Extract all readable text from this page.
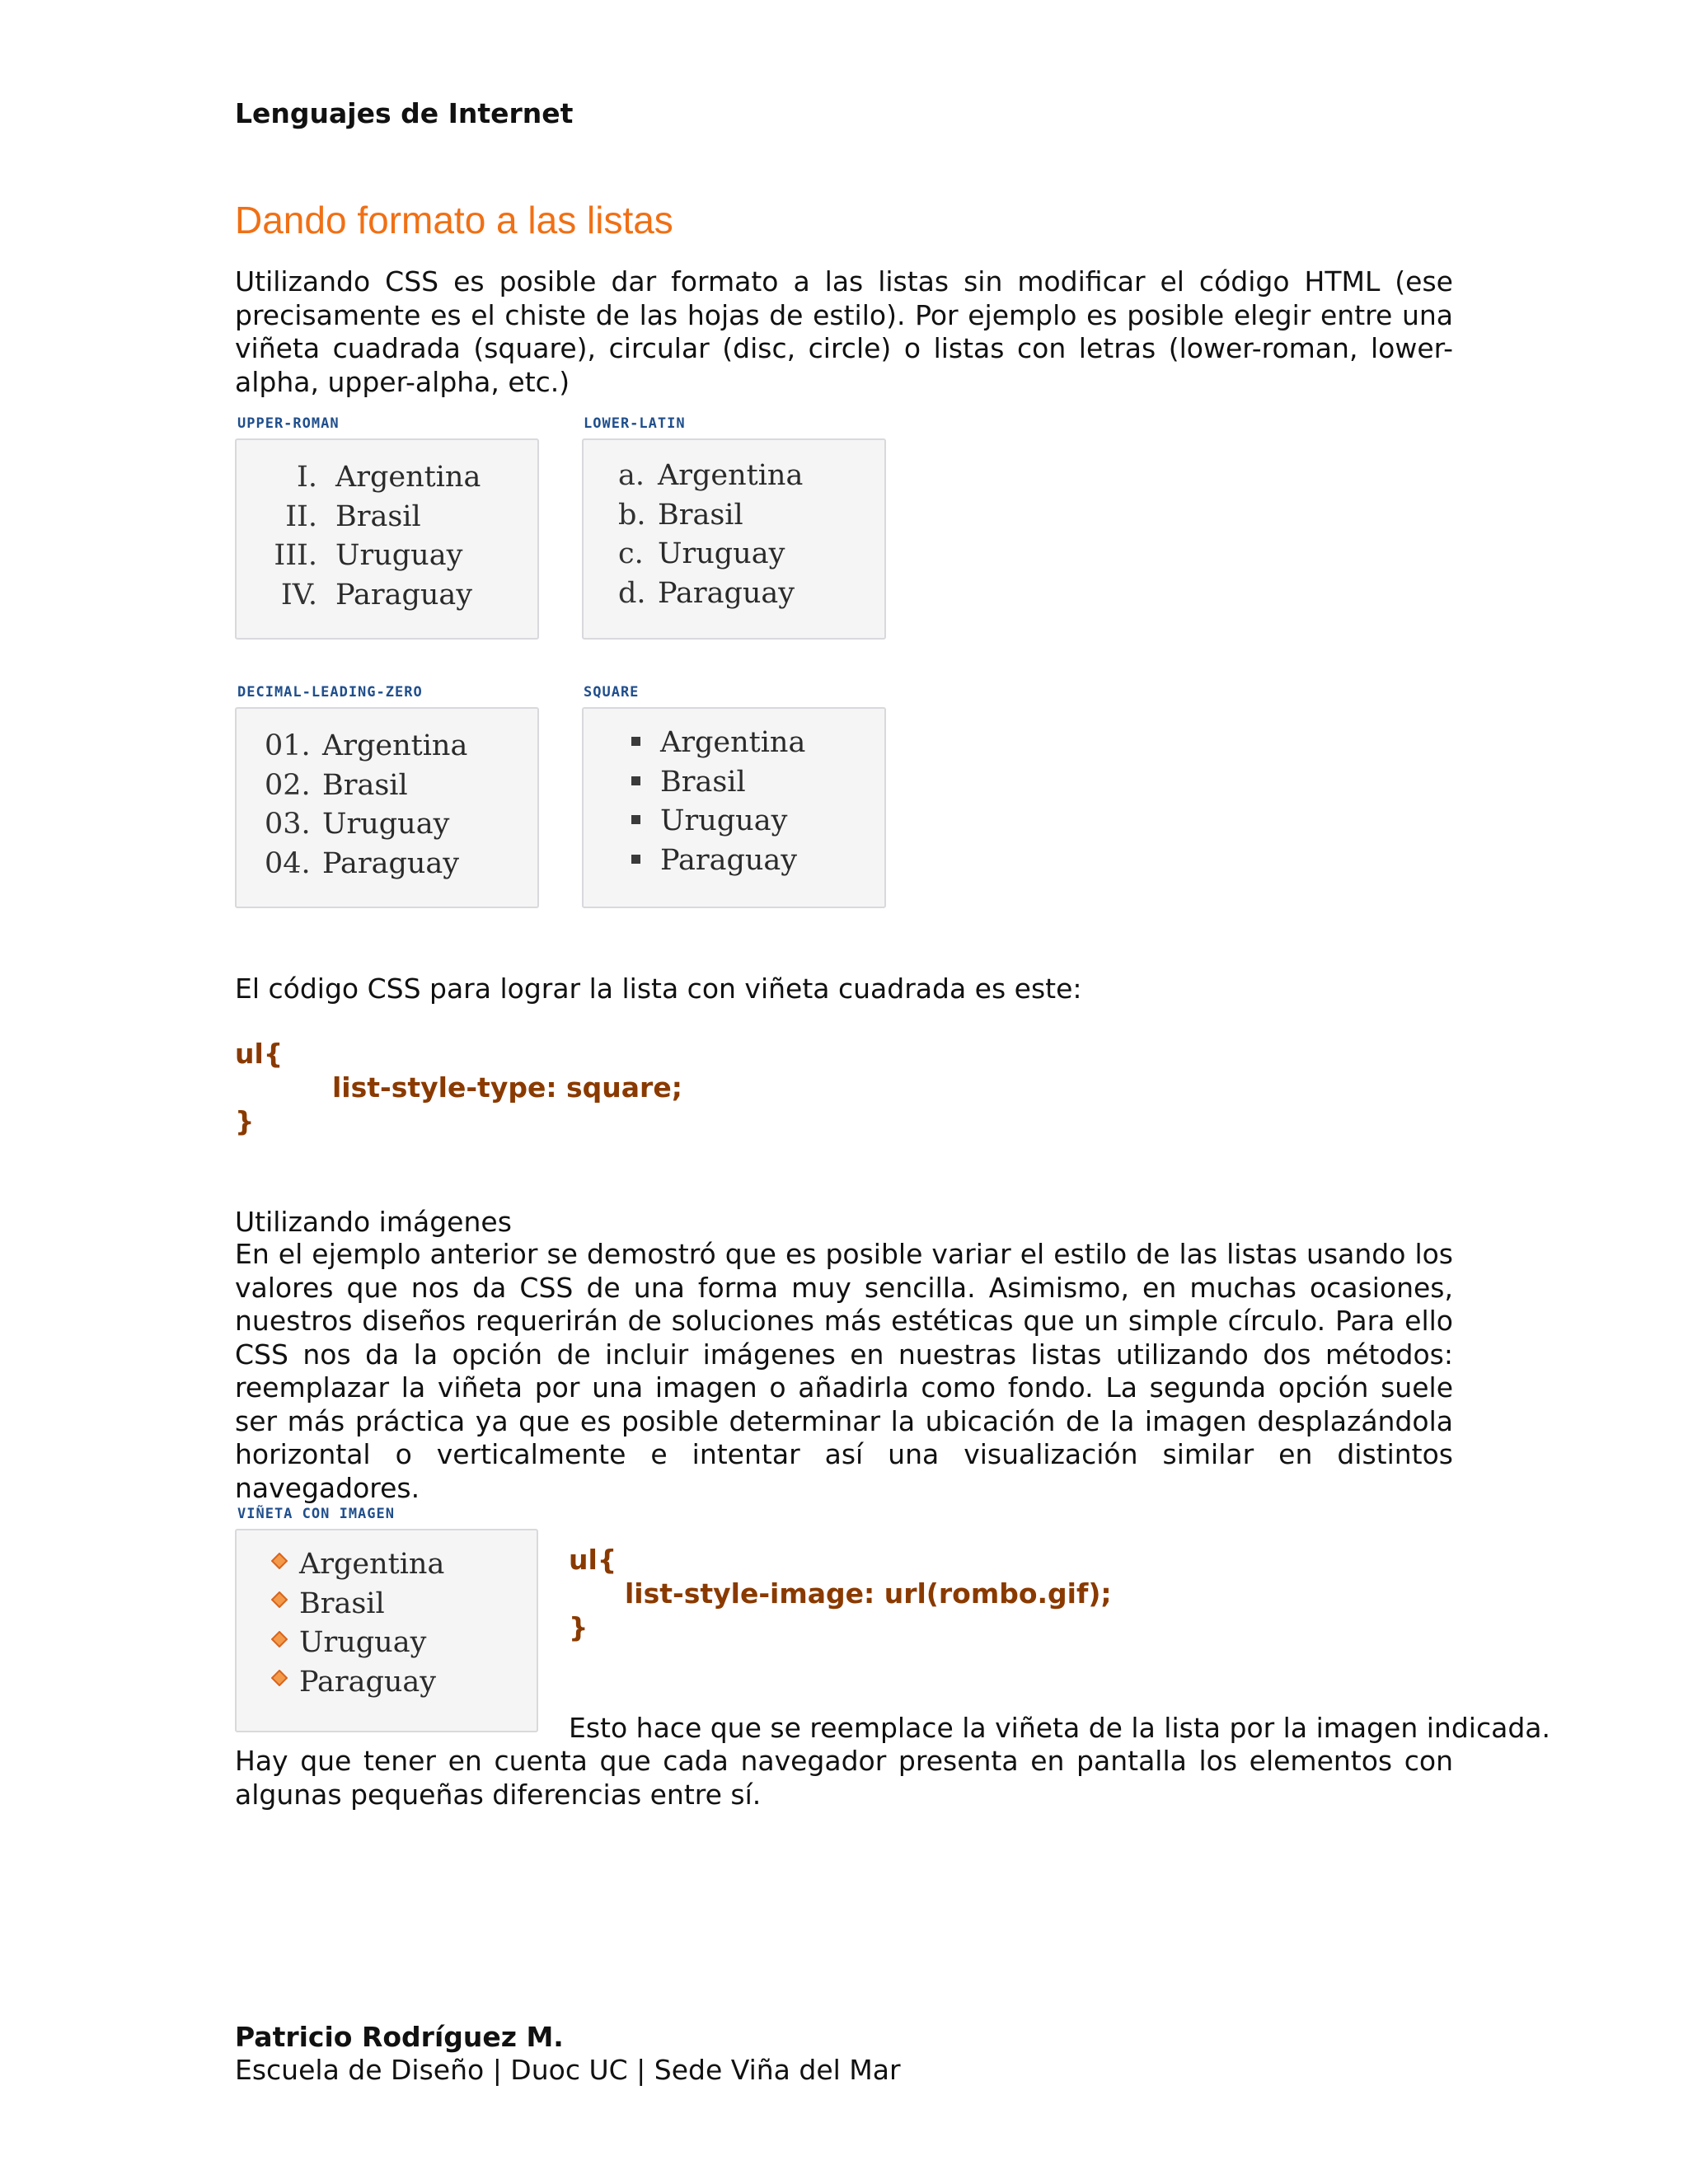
Lenguajes de Internet
Dando formato a las listas
Utilizando CSS es posible dar formato a las listas sin modificar el código HTML (ese precisamente es el chiste de las hojas de estilo). Por ejemplo es posible elegir entre una viñeta cuadrada (square), circular (disc, circle) o listas con letras (lower-roman, lower-alpha, upper-alpha, etc.)
UPPER-ROMAN
I. Argentina
II. Brasil
III. Uruguay
IV. Paraguay
LOWER-LATIN
a. Argentina
b. Brasil
c. Uruguay
d. Paraguay
DECIMAL-LEADING-ZERO
01. Argentina
02. Brasil
03. Uruguay
04. Paraguay
SQUARE
Argentina
Brasil
Uruguay
Paraguay
El código CSS para lograr la lista con viñeta cuadrada es este:
ul{
list-style-type: square;
}
Utilizando imágenes
En el ejemplo anterior se demostró que es posible variar el estilo de las listas usando los valores que nos da CSS de una forma muy sencilla. Asimismo, en muchas ocasiones, nuestros diseños requerirán de soluciones más estéticas que un simple círculo. Para ello CSS nos da la opción de incluir imágenes en nuestras listas utilizando dos métodos: reemplazar la viñeta por una imagen o añadirla como fondo. La segunda opción suele ser más práctica ya que es posible determinar la ubicación de la imagen desplazándola horizontal o verticalmente e intentar así una visualización similar en distintos navegadores.
VIÑETA CON IMAGEN
Argentina
Brasil
Uruguay
Paraguay
ul{
list-style-image: url(rombo.gif);
}
Esto hace que se reemplace la viñeta de la lista por la imagen indicada.
Hay que tener en cuenta que cada navegador presenta en pantalla los elementos con algunas pequeñas diferencias entre sí.
Patricio Rodríguez M.
Escuela de Diseño | Duoc UC | Sede Viña del Mar
